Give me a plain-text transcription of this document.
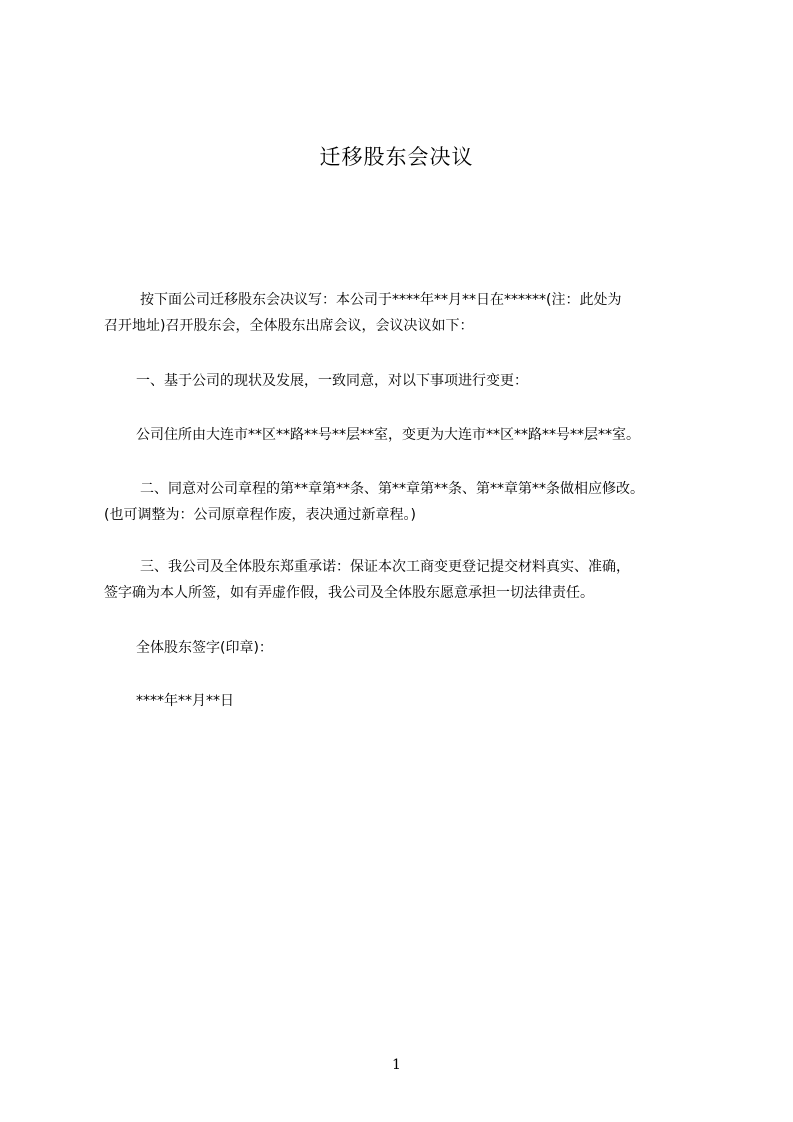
迁移股东会决议
按下面公司迁移股东会决议写：本公司于****年**月**日在******(注：此处为
召开地址)召开股东会，全体股东出席会议，会议决议如下：
一、基于公司的现状及发展，一致同意，对以下事项进行变更：
公司住所由大连市**区**路**号**层**室，变更为大连市**区**路**号**层**室。
二、同意对公司章程的第**章第**条、第**章第**条、第**章第**条做相应修改。
(也可调整为：公司原章程作废，表决通过新章程。)
三、我公司及全体股东郑重承诺：保证本次工商变更登记提交材料真实、准确，
签字确为本人所签，如有弄虚作假，我公司及全体股东愿意承担一切法律责任。
全体股东签字(印章)：
****年**月**日
1
